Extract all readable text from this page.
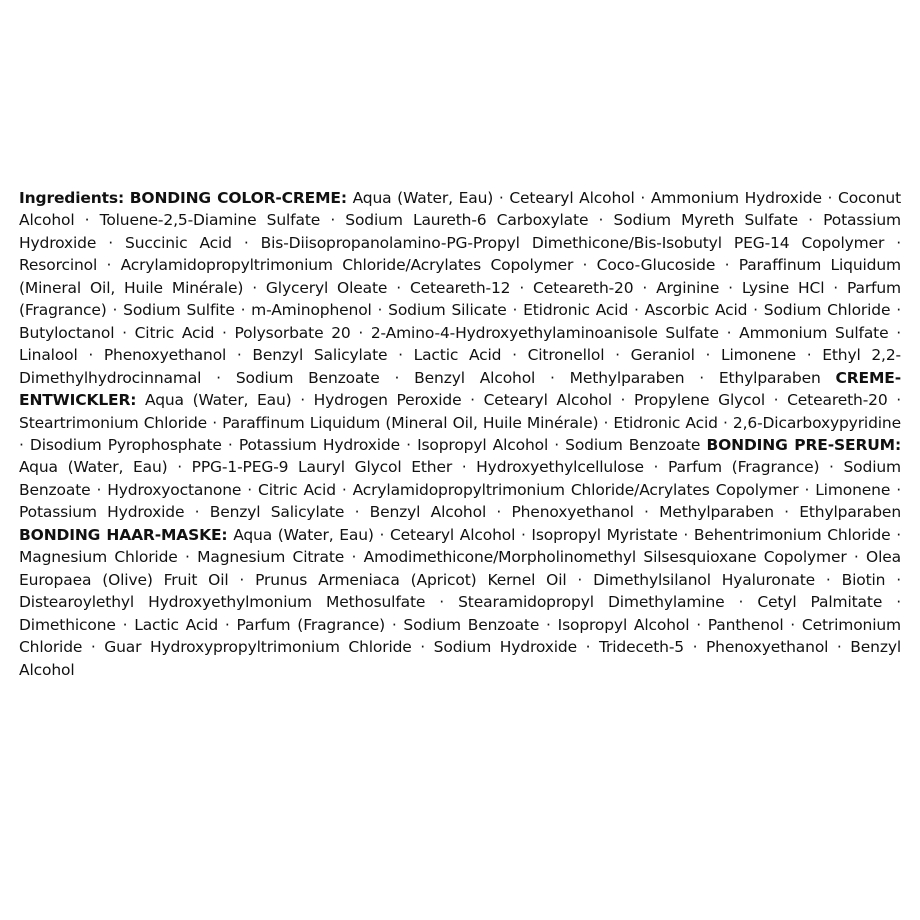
Ingredients: BONDING COLOR-CREME: Aqua (Water, Eau) · Cetearyl Alcohol · Ammonium Hydroxide · Coconut Alcohol · Toluene-2,5-Diamine Sulfate · Sodium Laureth-6 Carboxylate · Sodium Myreth Sulfate · Potassium Hydroxide · Succinic Acid · Bis-Diisopropanolamino-PG-Propyl Dimethicone/Bis-Isobutyl PEG-14 Copolymer · Resorcinol · Acrylamidopropyltrimonium Chloride/Acrylates Copolymer · Coco-Glucoside · Paraffinum Liquidum (Mineral Oil, Huile Minérale) · Glyceryl Oleate · Ceteareth-12 · Ceteareth-20 · Arginine · Lysine HCl · Parfum (Fragrance) · Sodium Sulfite · m-Aminophenol · Sodium Silicate · Etidronic Acid · Ascorbic Acid · Sodium Chloride · Butyloctanol · Citric Acid · Polysorbate 20 · 2-Amino-4-Hydroxyethylaminoanisole Sulfate · Ammonium Sulfate · Linalool · Phenoxyethanol · Benzyl Salicylate · Lactic Acid · Citronellol · Geraniol · Limonene · Ethyl 2,2-Dimethylhydrocinnamal · Sodium Benzoate · Benzyl Alcohol · Methylparaben · Ethylparaben CREME-ENTWICKLER: Aqua (Water, Eau) · Hydrogen Peroxide · Cetearyl Alcohol · Propylene Glycol · Ceteareth-20 · Steartrimonium Chloride · Paraffinum Liquidum (Mineral Oil, Huile Minérale) · Etidronic Acid · 2,6-Dicarboxypyridine · Disodium Pyrophosphate · Potassium Hydroxide · Isopropyl Alcohol · Sodium Benzoate BONDING PRE-SERUM: Aqua (Water, Eau) · PPG-1-PEG-9 Lauryl Glycol Ether · Hydroxyethylcellulose · Parfum (Fragrance) · Sodium Benzoate · Hydroxyoctanone · Citric Acid · Acrylamidopropyltrimonium Chloride/Acrylates Copolymer · Limonene · Potassium Hydroxide · Benzyl Salicylate · Benzyl Alcohol · Phenoxyethanol · Methylparaben · Ethylparaben BONDING HAAR-MASKE: Aqua (Water, Eau) · Cetearyl Alcohol · Isopropyl Myristate · Behentrimonium Chloride · Magnesium Chloride · Magnesium Citrate · Amodimethicone/Morpholinomethyl Silsesquioxane Copolymer · Olea Europaea (Olive) Fruit Oil · Prunus Armeniaca (Apricot) Kernel Oil · Dimethylsilanol Hyaluronate · Biotin · Distearoylethyl Hydroxyethylmonium Methosulfate · Stearamidopropyl Dimethylamine · Cetyl Palmitate · Dimethicone · Lactic Acid · Parfum (Fragrance) · Sodium Benzoate · Isopropyl Alcohol · Panthenol · Cetrimonium Chloride · Guar Hydroxypropyltrimonium Chloride · Sodium Hydroxide · Trideceth-5 · Phenoxyethanol · Benzyl Alcohol
